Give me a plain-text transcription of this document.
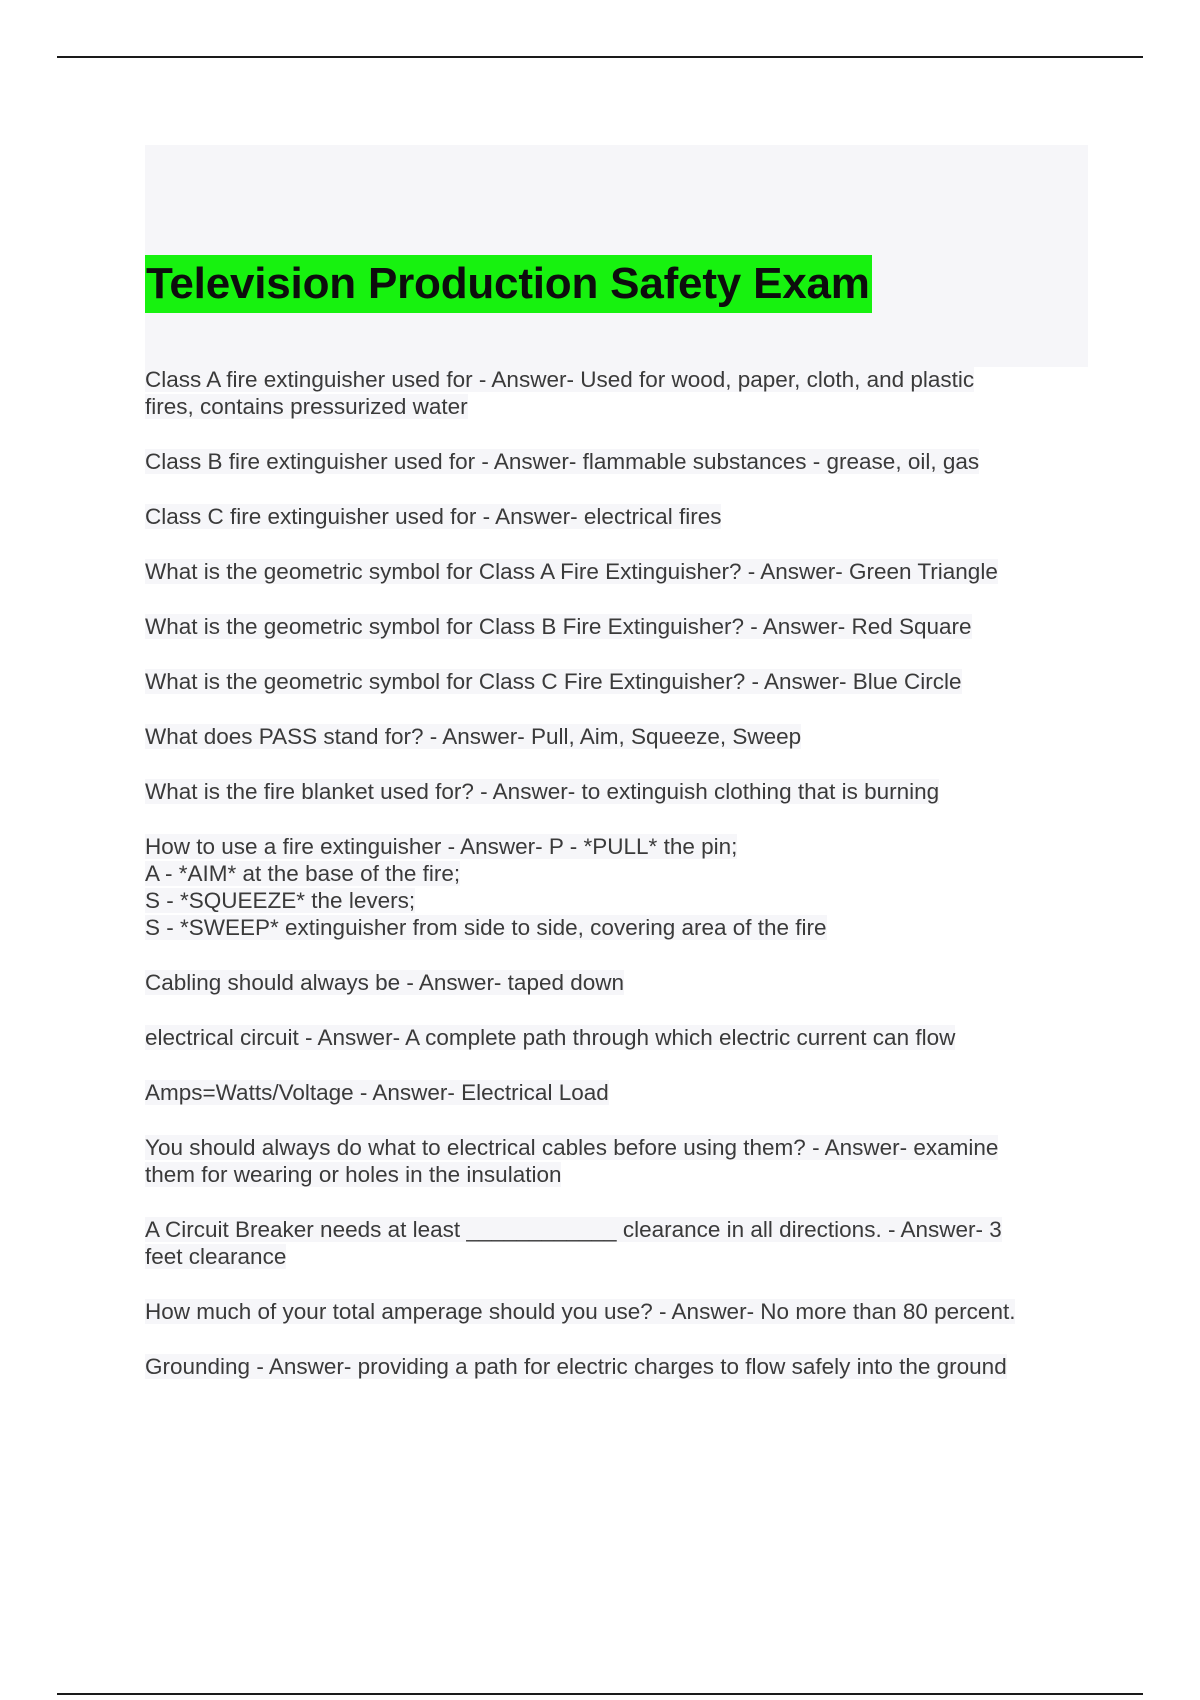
Television Production Safety Exam
Class A fire extinguisher used for - Answer- Used for wood, paper, cloth, and plastic
fires, contains pressurized water
Class B fire extinguisher used for - Answer- flammable substances - grease, oil, gas
Class C fire extinguisher used for - Answer- electrical fires
What is the geometric symbol for Class A Fire Extinguisher? - Answer- Green Triangle
What is the geometric symbol for Class B Fire Extinguisher? - Answer- Red Square
What is the geometric symbol for Class C Fire Extinguisher? - Answer- Blue Circle
What does PASS stand for? - Answer- Pull, Aim, Squeeze, Sweep
What is the fire blanket used for? - Answer- to extinguish clothing that is burning
How to use a fire extinguisher - Answer- P - *PULL* the pin;
A - *AIM* at the base of the fire;
S - *SQUEEZE* the levers;
S - *SWEEP* extinguisher from side to side, covering area of the fire
Cabling should always be - Answer- taped down
electrical circuit - Answer- A complete path through which electric current can flow
Amps=Watts/Voltage - Answer- Electrical Load
You should always do what to electrical cables before using them? - Answer- examine
them for wearing or holes in the insulation
A Circuit Breaker needs at least ____________ clearance in all directions. - Answer- 3
feet clearance
How much of your total amperage should you use? - Answer- No more than 80 percent.
Grounding - Answer- providing a path for electric charges to flow safely into the ground
